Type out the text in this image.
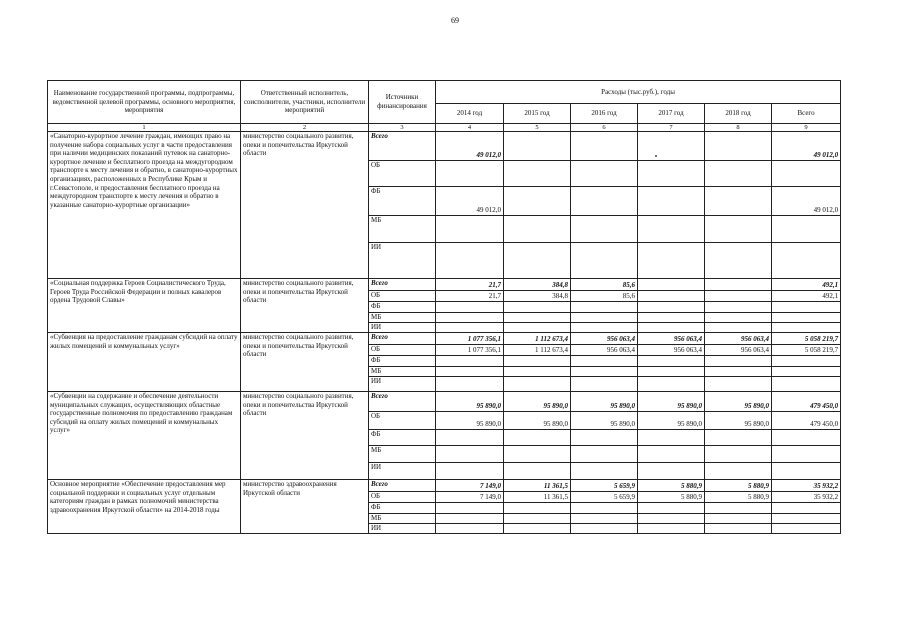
69
Наименование государственной программы, подпрограммы, ведомственной целевой программы, основного мероприятия, мероприятия	Ответственный исполнитель, соисполнители, участники, исполнители мероприятий	Источники финансирования	Расходы (тыс.руб.), годы					
			2014 год	2015 год	2016 год	2017 год	2018 год	Всего
1	2	3	4	5	6	7	8	9
«Санаторно-курортное лечение граждан, имеющих право на получение набора социальных услуг в части предоставления при наличии медицинских показаний путевок на санаторно-курортное лечение и бесплатного проезда на междугородном транспорте к месту лечения и обратно, в санаторно-курортных организациях, расположенных в Республике Крым и г.Севастополе, и предоставления бесплатного проезда на междугородном транспорте к месту лечения и обратно в указанные санаторно-курортные организации»	министерство социального развития, опеки и попечительства Иркутской области	Всего	49 012,0					49 012,0
		ОБ						
		ФБ	49 012,0					49 012,0
		МБ						
		ИИ						
«Социальная поддержка Героев Социалистического Труда, Героев Труда Российской Федерации и полных кавалеров ордена Трудовой Славы»	министерство социального развития, опеки и попечительства Иркутской области	Всего	21,7	384,8	85,6			492,1
		ОБ	21,7	384,8	85,6			492,1
		ФБ						
		МБ						
		ИИ						
«Субвенция на предоставление гражданам субсидий на оплату жилых помещений и коммунальных услуг»	министерство социального развития, опеки и попечительства Иркутской области	Всего	1 077 356,1	1 112 673,4	956 063,4	956 063,4	956 063,4	5 058 219,7
		ОБ	1 077 356,1	1 112 673,4	956 063,4	956 063,4	956 063,4	5 058 219,7
		ФБ						
		МБ						
		ИИ						
«Субвенции на содержание и обеспечение деятельности муниципальных служащих, осуществляющих областные государственные полномочия по предоставлению гражданам субсидий на оплату жилых помещений и коммунальных услуг»	министерство социального развития, опеки и попечительства Иркутской области	Всего	95 890,0	95 890,0	95 890,0	95 890,0	95 890,0	479 450,0
		ОБ	95 890,0	95 890,0	95 890,0	95 890,0	95 890,0	479 450,0
		ФБ						
		МБ						
		ИИ						
Основное мероприятие «Обеспечение предоставления мер социальной поддержки и социальных услуг отдельным категориям граждан в рамках полномочий министерства здравоохранения Иркутской области» на 2014-2018 годы	министерство здравоохранения Иркутской области	Всего	7 149,0	11 361,5	5 659,9	5 880,9	5 880,9	35 932,2
		ОБ	7 149,0	11 361,5	5 659,9	5 880,9	5 880,9	35 932,2
		ФБ						
		МБ						
		ИИ						
